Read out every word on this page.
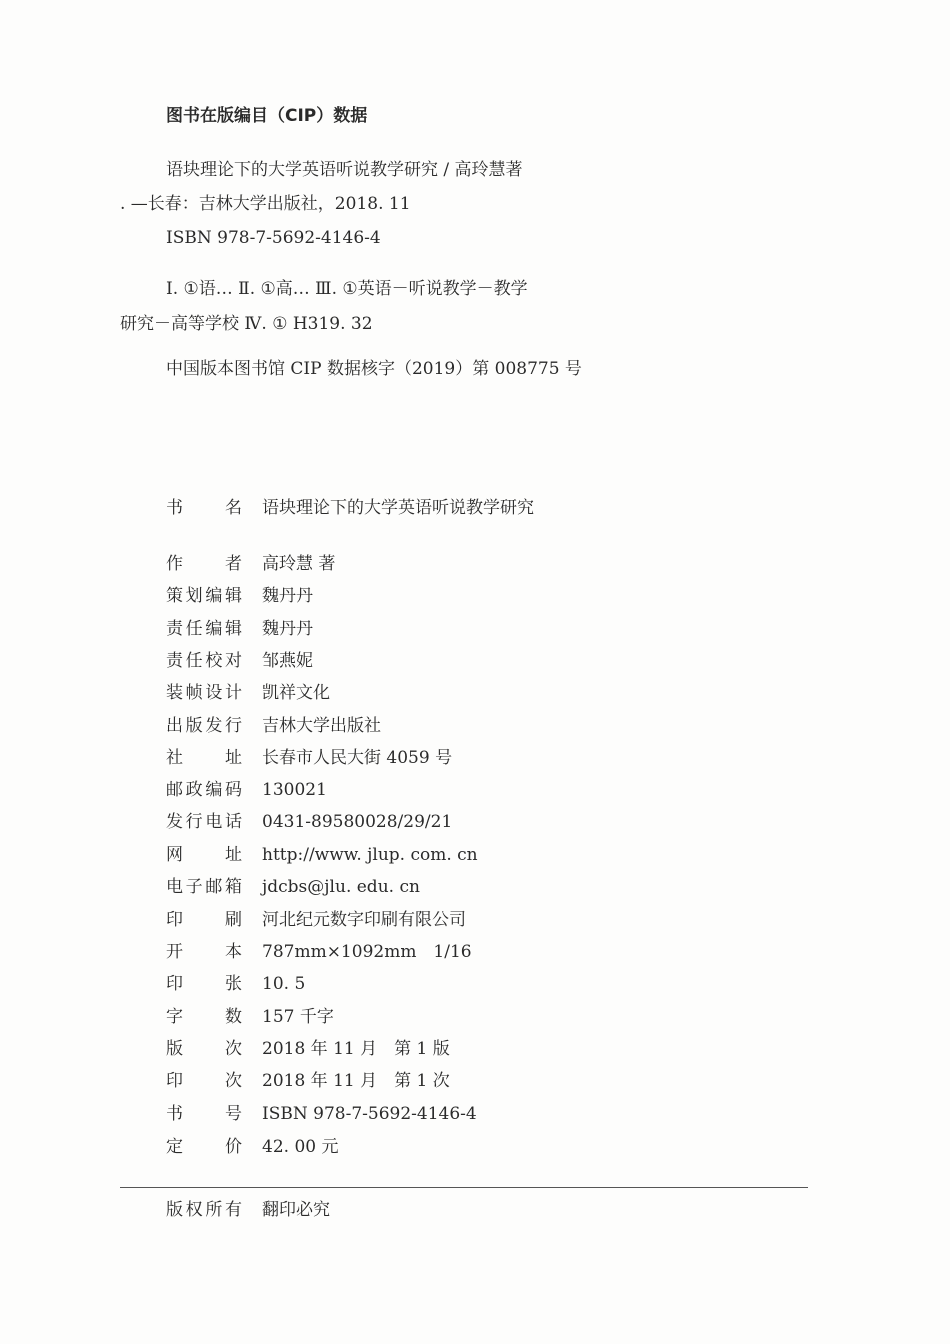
图书在版编目（CIP）数据
语块理论下的大学英语听说教学研究 / 高玲慧著
. —长春：吉林大学出版社，2018. 11
ISBN 978-7-5692-4146-4
Ⅰ. ①语… Ⅱ. ①高… Ⅲ. ①英语－听说教学－教学
研究－高等学校 Ⅳ. ① H319. 32
中国版本图书馆 CIP 数据核字（2019）第 008775 号
书名 语块理论下的大学英语听说教学研究
作者 高玲慧 著
策划编辑 魏丹丹
责任编辑 魏丹丹
责任校对 邹燕妮
装帧设计 凯祥文化
出版发行 吉林大学出版社
社址 长春市人民大街 4059 号
邮政编码 130021
发行电话 0431-89580028/29/21
网址 http://www. jlup. com. cn
电子邮箱 jdcbs@jlu. edu. cn
印刷 河北纪元数字印刷有限公司
开本 787mm×1092mm　1/16
印张 10. 5
字数 157 千字
版次 2018 年 11 月　第 1 版
印次 2018 年 11 月　第 1 次
书号 ISBN 978-7-5692-4146-4
定价 42. 00 元
版权所有 翻印必究
